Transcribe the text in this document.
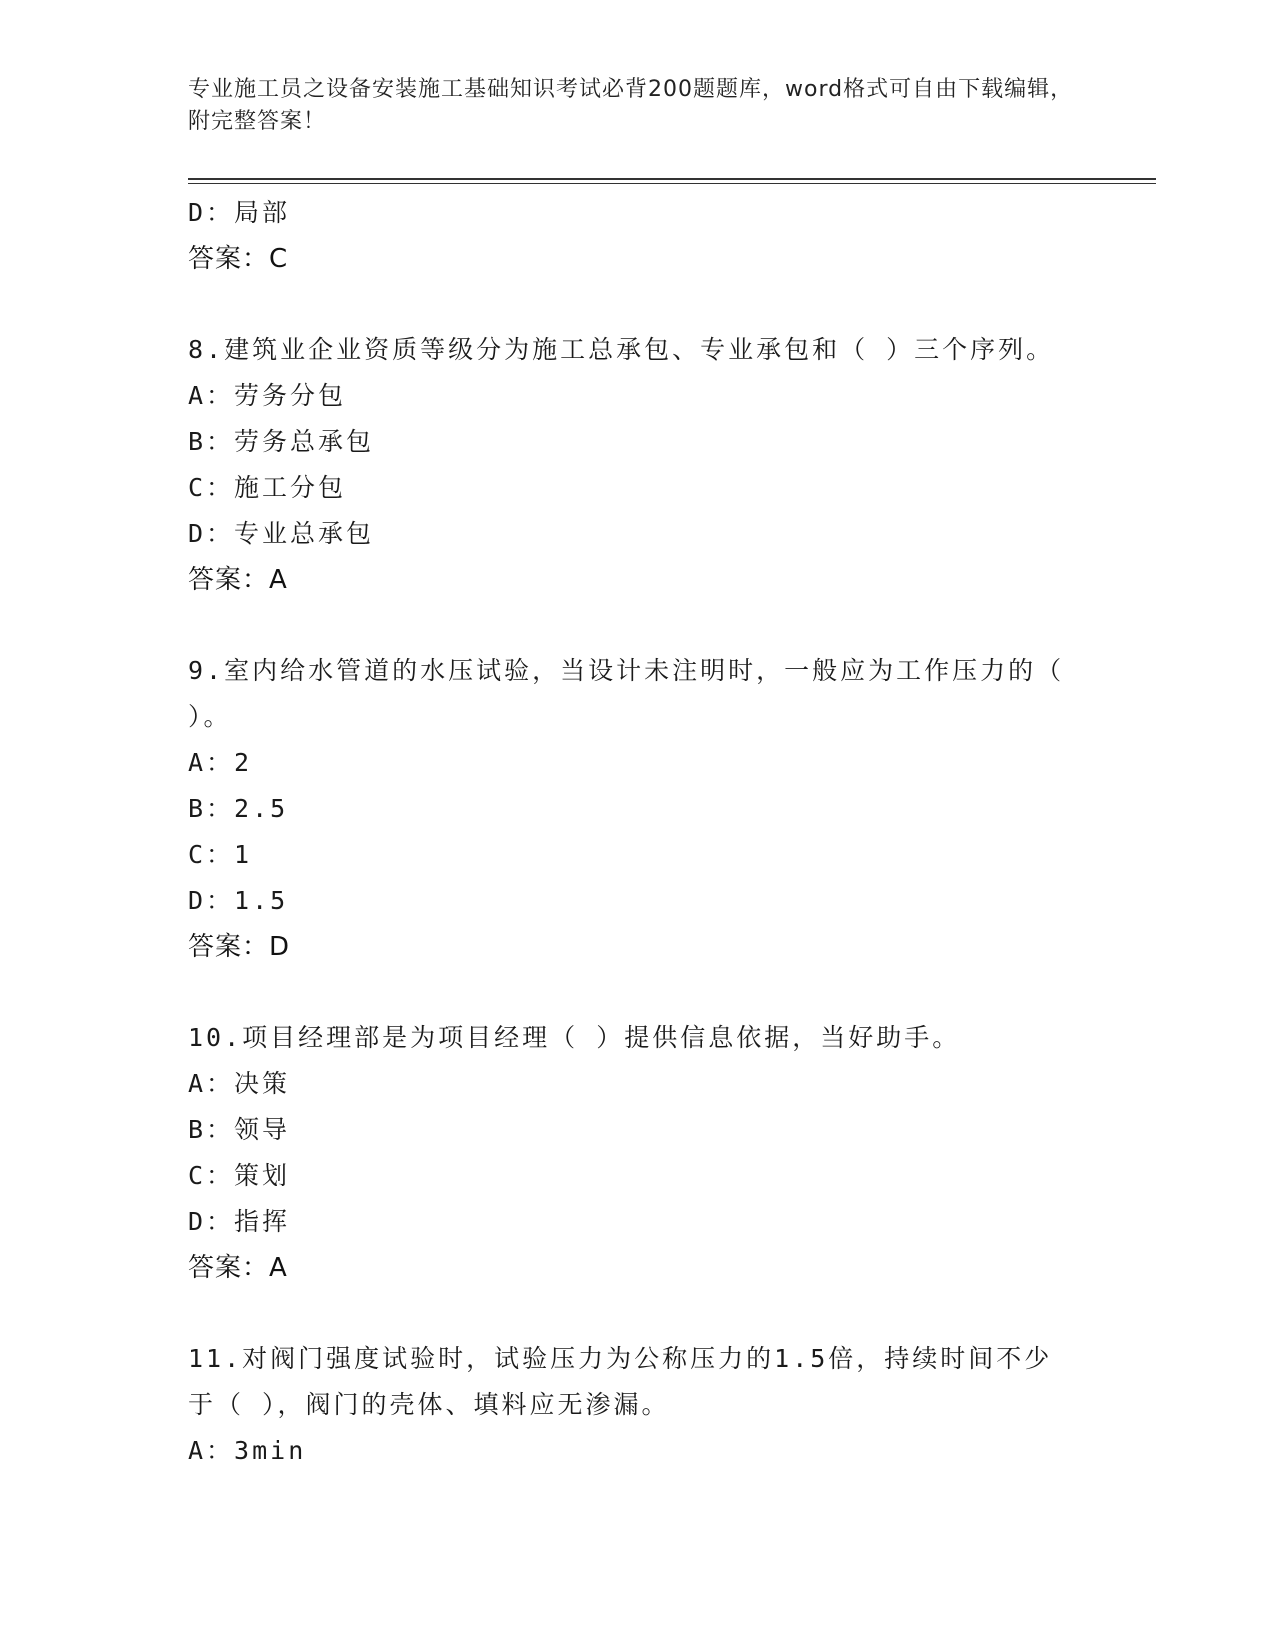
专业施工员之设备安装施工基础知识考试必背200题题库，word格式可自由下载编辑，附完整答案！
D：局部
答案：C
8.建筑业企业资质等级分为施工总承包、专业承包和（ ）三个序列。
A：劳务分包
B：劳务总承包
C：施工分包
D：专业总承包
答案：A
9.室内给水管道的水压试验，当设计未注明时，一般应为工作压力的（ ）。
A：2
B：2.5
C：1
D：1.5
答案：D
10.项目经理部是为项目经理（ ）提供信息依据，当好助手。
A：决策
B：领导
C：策划
D：指挥
答案：A
11.对阀门强度试验时，试验压力为公称压力的1.5倍，持续时间不少于（ ），阀门的壳体、填料应无渗漏。
A：3min
